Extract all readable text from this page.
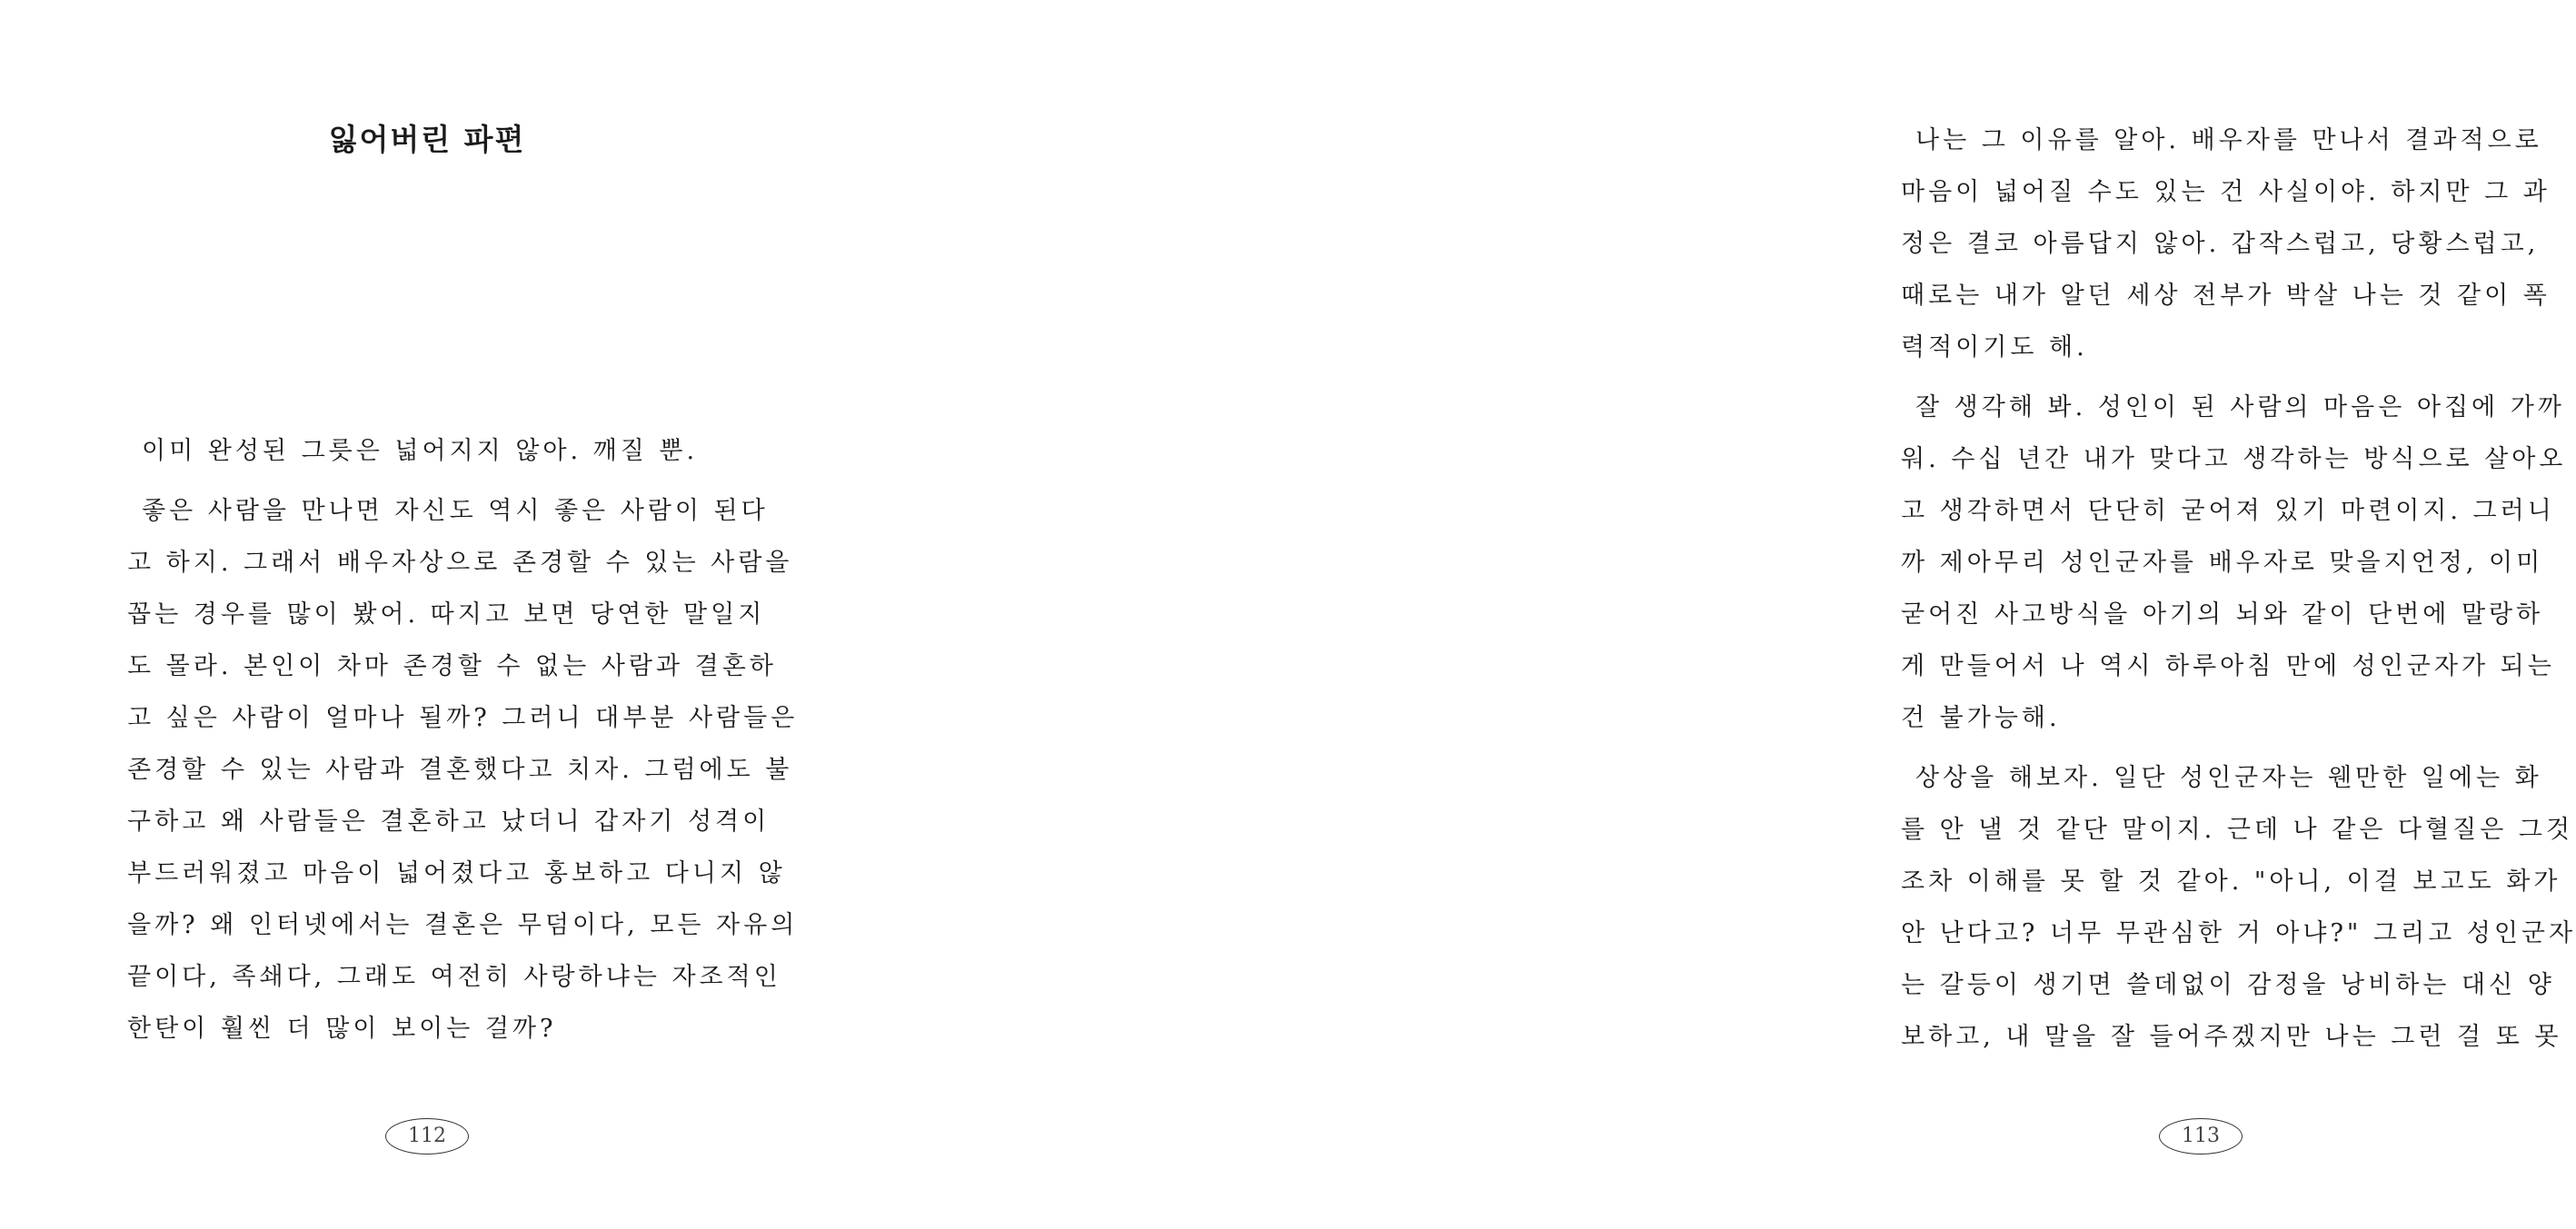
잃어버린 파편
이미 완성된 그릇은 넓어지지 않아. 깨질 뿐.
좋은 사람을 만나면 자신도 역시 좋은 사람이 된다
고 하지. 그래서 배우자상으로 존경할 수 있는 사람을
꼽는 경우를 많이 봤어. 따지고 보면 당연한 말일지
도 몰라. 본인이 차마 존경할 수 없는 사람과 결혼하
고 싶은 사람이 얼마나 될까? 그러니 대부분 사람들은
존경할 수 있는 사람과 결혼했다고 치자. 그럼에도 불
구하고 왜 사람들은 결혼하고 났더니 갑자기 성격이
부드러워졌고 마음이 넓어졌다고 홍보하고 다니지 않
을까? 왜 인터넷에서는 결혼은 무덤이다, 모든 자유의
끝이다, 족쇄다, 그래도 여전히 사랑하냐는 자조적인
한탄이 훨씬 더 많이 보이는 걸까?
112
나는 그 이유를 알아. 배우자를 만나서 결과적으로
마음이 넓어질 수도 있는 건 사실이야. 하지만 그 과
정은 결코 아름답지 않아. 갑작스럽고, 당황스럽고,
때로는 내가 알던 세상 전부가 박살 나는 것 같이 폭
력적이기도 해.
잘 생각해 봐. 성인이 된 사람의 마음은 아집에 가까
워. 수십 년간 내가 맞다고 생각하는 방식으로 살아오
고 생각하면서 단단히 굳어져 있기 마련이지. 그러니
까 제아무리 성인군자를 배우자로 맞을지언정, 이미
굳어진 사고방식을 아기의 뇌와 같이 단번에 말랑하
게 만들어서 나 역시 하루아침 만에 성인군자가 되는
건 불가능해.
상상을 해보자. 일단 성인군자는 웬만한 일에는 화
를 안 낼 것 같단 말이지. 근데 나 같은 다혈질은 그것
조차 이해를 못 할 것 같아. "아니, 이걸 보고도 화가
안 난다고? 너무 무관심한 거 아냐?" 그리고 성인군자
는 갈등이 생기면 쓸데없이 감정을 낭비하는 대신 양
보하고, 내 말을 잘 들어주겠지만 나는 그런 걸 또 못
113
